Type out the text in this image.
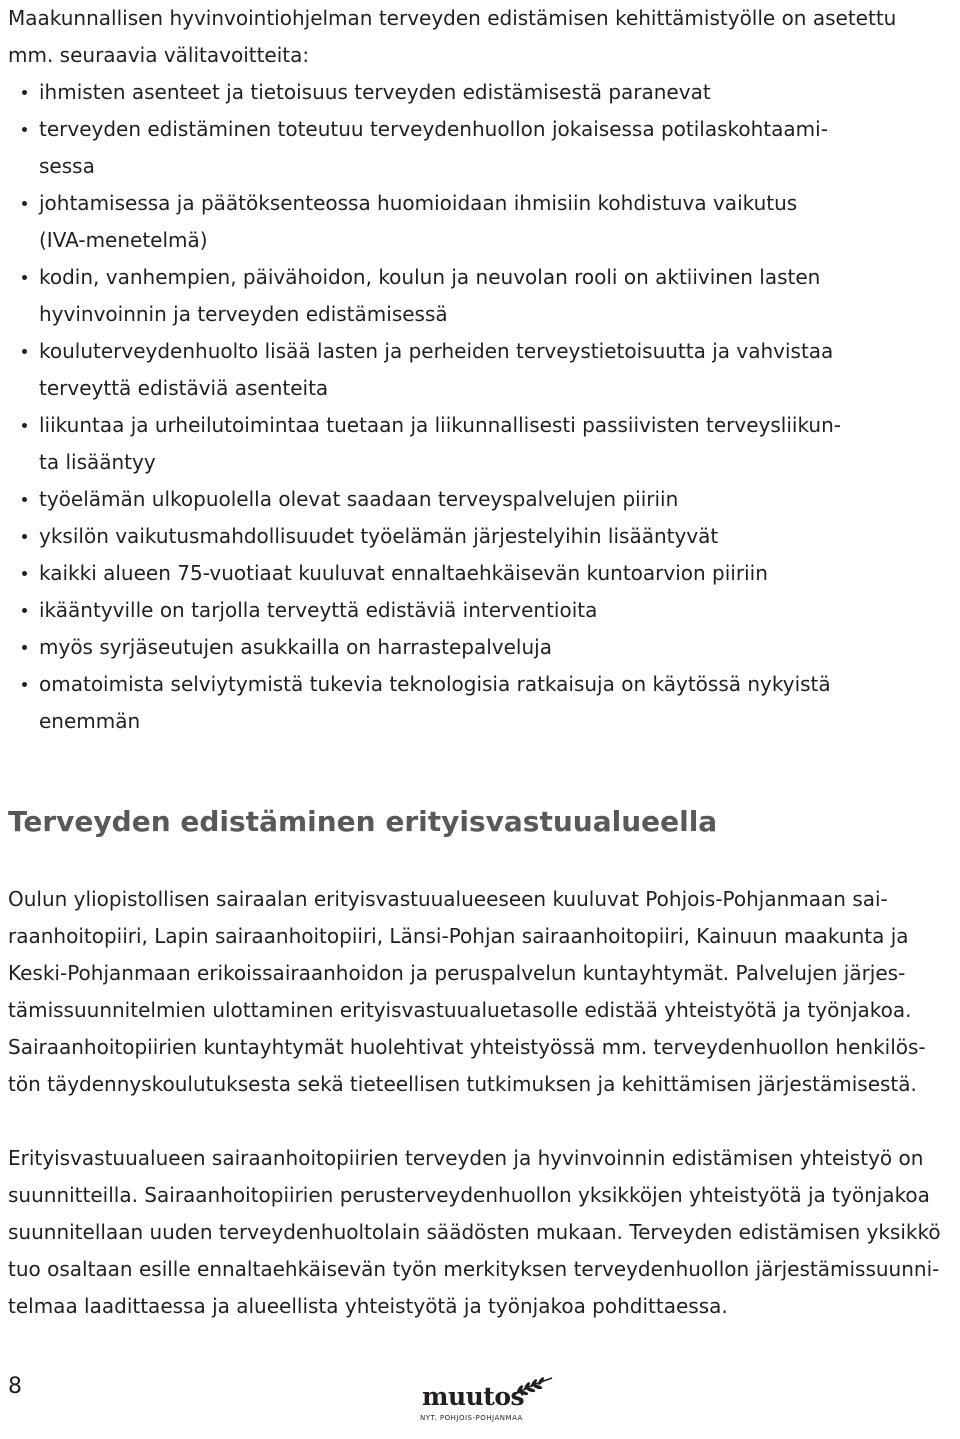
Maakunnallisen hyvinvointiohjelman terveyden edistämisen kehittämistyölle on asetettu
mm. seuraavia välitavoitteita:

ihmisten asenteet ja tietoisuus terveyden edistämisestä paranevat
terveyden edistäminen toteutuu terveydenhuollon jokaisessa potilaskohtaami-
sessa
johtamisessa ja päätöksenteossa huomioidaan ihmisiin kohdistuva vaikutus
(IVA-menetelmä)
kodin, vanhempien, päivähoidon, koulun ja neuvolan rooli on aktiivinen lasten
hyvinvoinnin ja terveyden edistämisessä
kouluterveydenhuolto lisää lasten ja perheiden terveystietoisuutta ja vahvistaa
terveyttä edistäviä asenteita
liikuntaa ja urheilutoimintaa tuetaan ja liikunnallisesti passiivisten terveysliikun-
ta lisääntyy
työelämän ulkopuolella olevat saadaan terveyspalvelujen piiriin
yksilön vaikutusmahdollisuudet työelämän järjestelyihin lisääntyvät
kaikki alueen 75-vuotiaat kuuluvat ennaltaehkäisevän kuntoarvion piiriin
ikääntyville on tarjolla terveyttä edistäviä interventioita
myös syrjäseutujen asukkailla on harrastepalveluja
omatoimista selviytymistä tukevia teknologisia ratkaisuja on käytössä nykyistä
enemmän
Terveyden edistäminen erityisvastuualueella

Oulun yliopistollisen sairaalan erityisvastuualueeseen kuuluvat Pohjois-Pohjanmaan sai-
raanhoitopiiri, Lapin sairaanhoitopiiri, Länsi-Pohjan sairaanhoitopiiri, Kainuun maakunta ja
Keski-Pohjanmaan erikoissairaanhoidon ja peruspalvelun kuntayhtymät. Palvelujen järjes-
tämissuunnitelmien ulottaminen erityisvastuualuetasolle edistää yhteistyötä ja työnjakoa.
Sairaanhoitopiirien kuntayhtymät huolehtivat yhteistyössä mm. terveydenhuollon henkilös-
tön täydennyskoulutuksesta sekä tieteellisen tutkimuksen ja kehittämisen järjestämisestä.

Erityisvastuualueen sairaanhoitopiirien terveyden ja hyvinvoinnin edistämisen yhteistyö on
suunnitteilla. Sairaanhoitopiirien perusterveydenhuollon yksikköjen yhteistyötä ja työnjakoa
suunnitellaan uuden terveydenhuoltolain säädösten mukaan. Terveyden edistämisen yksikkö
tuo osaltaan esille ennaltaehkäisevän työn merkityksen terveydenhuollon järjestämissuunni-
telmaa laadittaessa ja alueellista yhteistyötä ja työnjakoa pohdittaessa.

8	muutos
NYT. POHJOIS-POHJANMAA
